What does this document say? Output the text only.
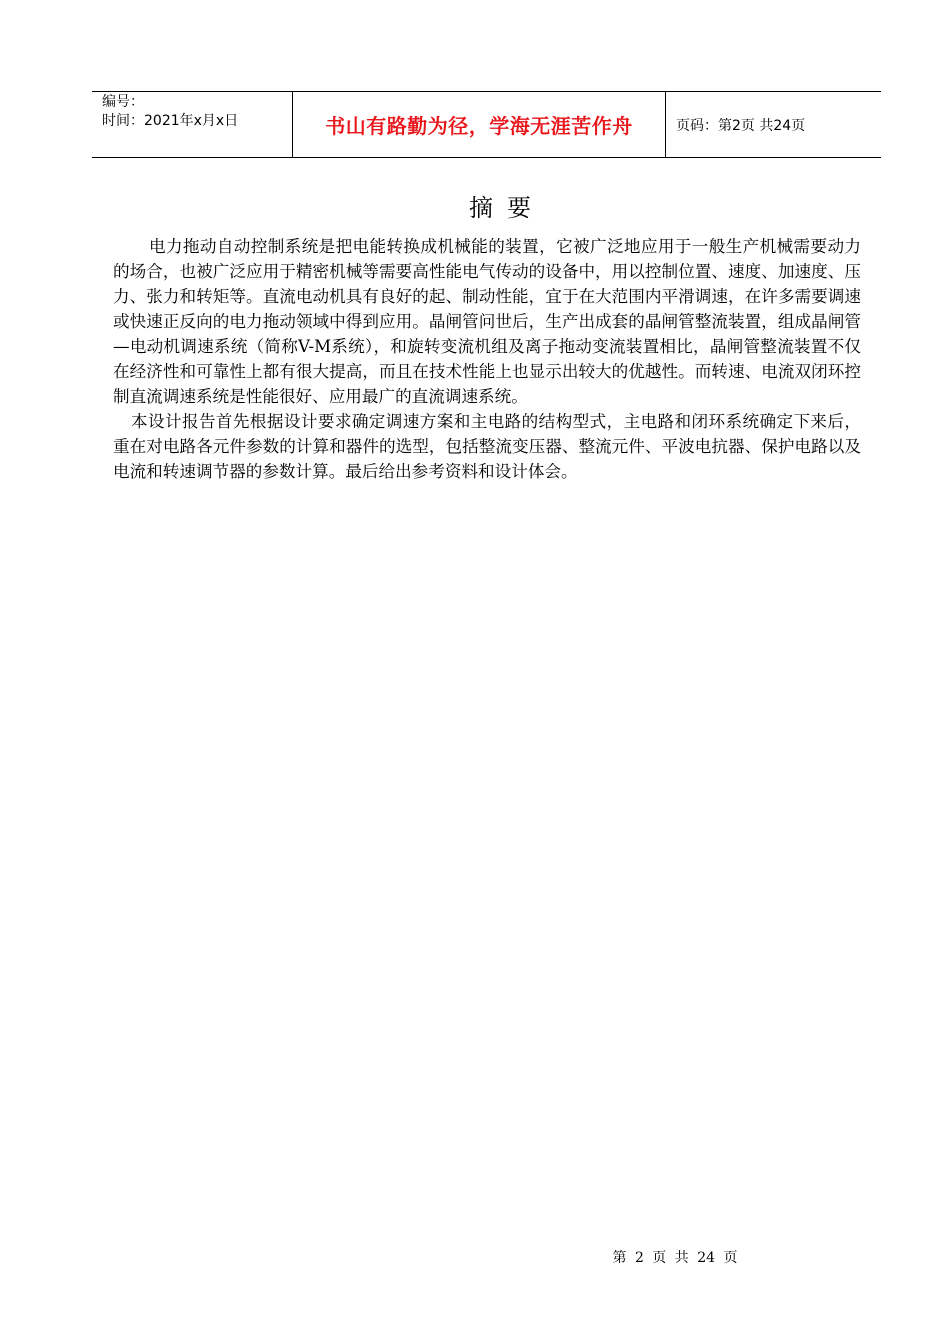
编号：
时间：2021年x月x日	书山有路勤为径，学海无涯苦作舟	页码：第2页 共24页
摘要

电力拖动自动控制系统是把电能转换成机械能的装置，它被广泛地应用于一般生产机械需要动力的场合，也被广泛应用于精密机械等需要高性能电气传动的设备中，用以控制位置、速度、加速度、压力、张力和转矩等。直流电动机具有良好的起、制动性能，宜于在大范围内平滑调速，在许多需要调速或快速正反向的电力拖动领域中得到应用。晶闸管问世后，生产出成套的晶闸管整流装置，组成晶闸管—电动机调速系统（简称V-M系统），和旋转变流机组及离子拖动变流装置相比，晶闸管整流装置不仅在经济性和可靠性上都有很大提高，而且在技术性能上也显示出较大的优越性。而转速、电流双闭环控制直流调速系统是性能很好、应用最广的直流调速系统。

本设计报告首先根据设计要求确定调速方案和主电路的结构型式，主电路和闭环系统确定下来后，重在对电路各元件参数的计算和器件的选型，包括整流变压器、整流元件、平波电抗器、保护电路以及电流和转速调节器的参数计算。最后给出参考资料和设计体会。

第 2 页 共 24 页
